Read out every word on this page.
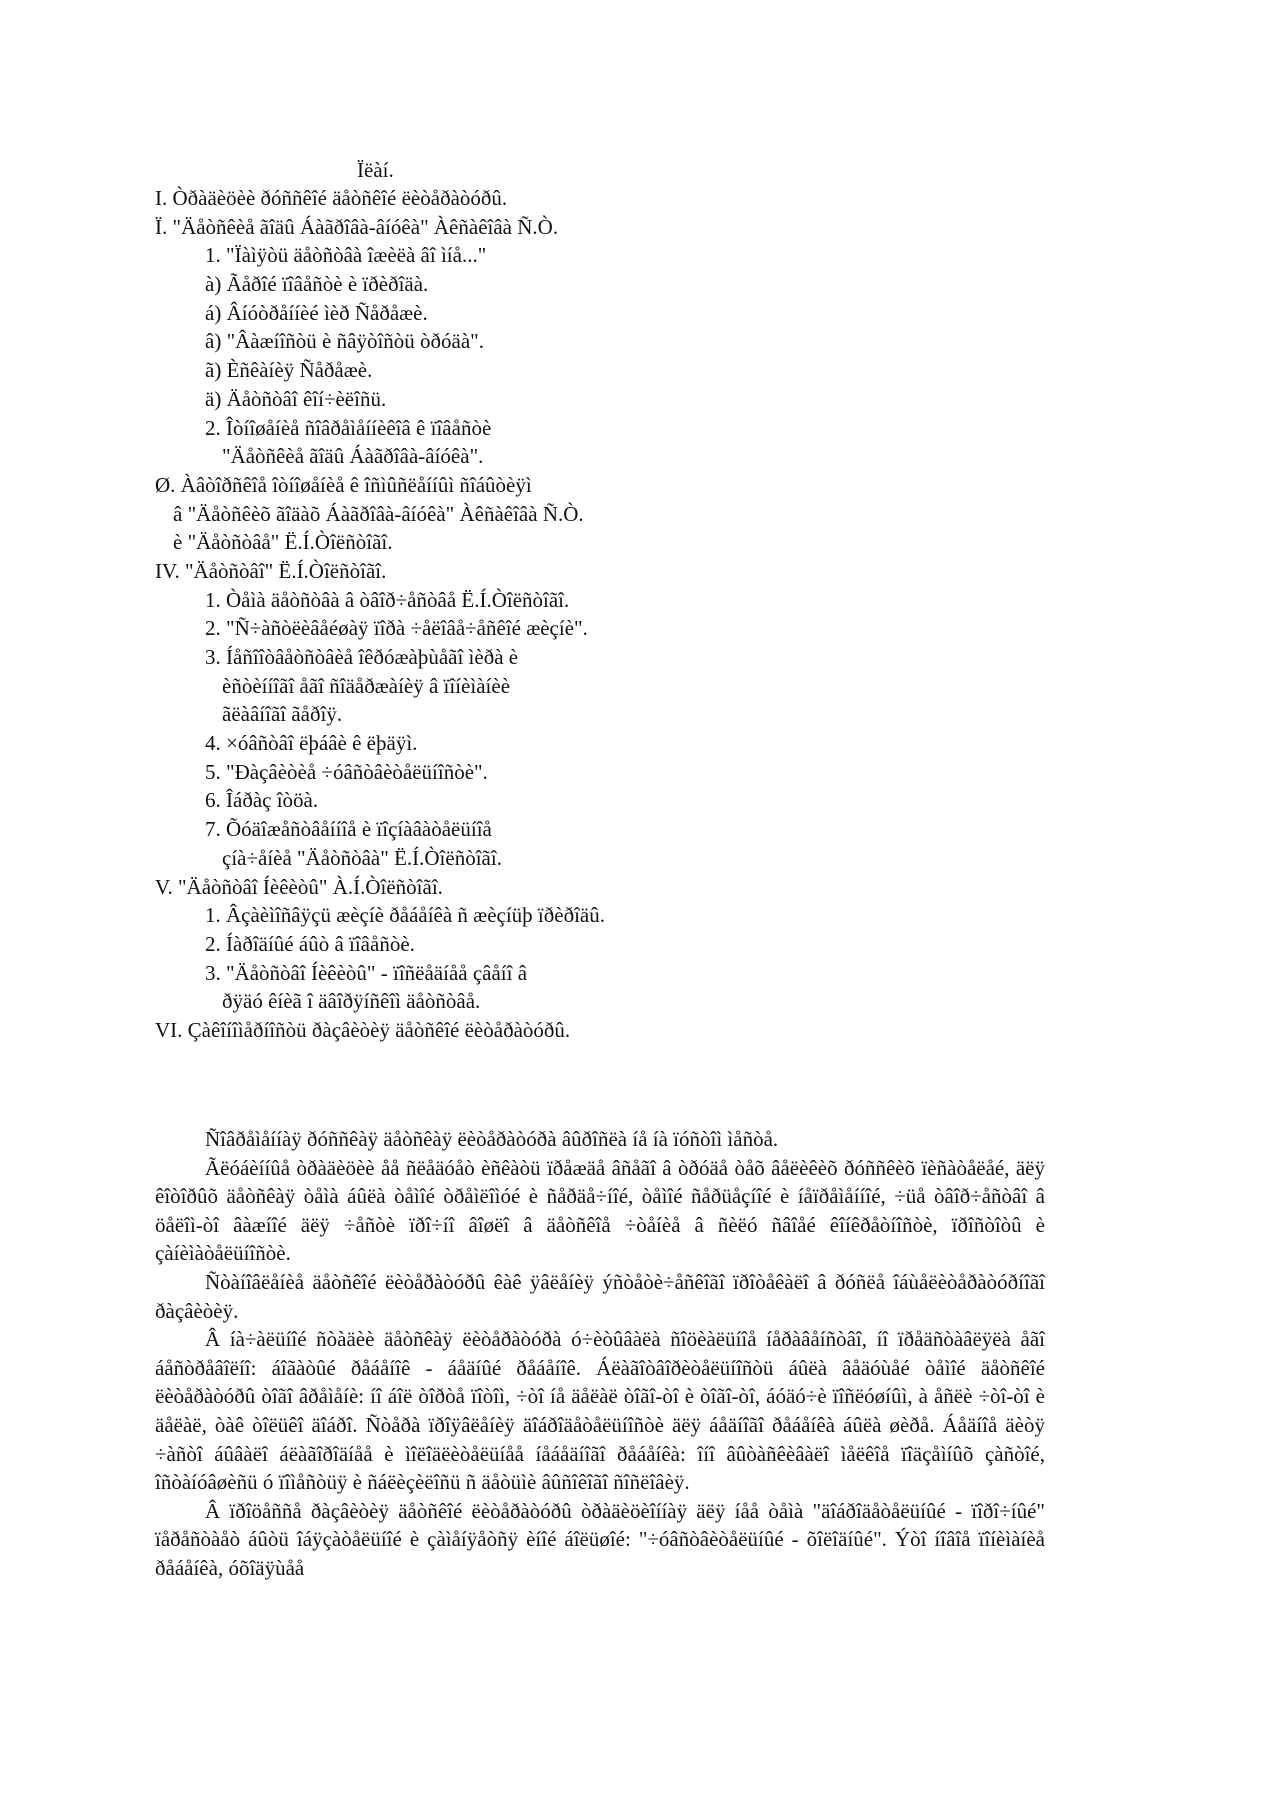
Ïëàí.
I. Òðàäèöèè ðóññêîé äåòñêîé ëèòåðàòóðû.
Ï. "Äåòñêèå ãîäû Áàãðîâà-âíóêà" Àêñàêîâà Ñ.Ò.
1. "Ïàìÿòü äåòñòâà îæèëà âî ìíå..."
à) Ãåðîé ïîâåñòè è ïðèðîäà.
á) Âíóòðåííèé ìèð Ñåðåæè.
â) "Âàæíîñòü è ñâÿòîñòü òðóäà".
ã) Èñêàíèÿ Ñåðåæè.
ä) Äåòñòâî êîí÷èëîñü.
2. Îòíîøåíèå ñîâðåìåííèêîâ ê ïîâåñòè
"Äåòñêèå ãîäû Áàãðîâà-âíóêà".
Ø. Àâòîðñêîå îòíîøåíèå ê îñìûñëåííûì ñîáûòèÿì
â "Äåòñêèõ ãîäàõ Áàãðîâà-âíóêà" Àêñàêîâà Ñ.Ò.
è "Äåòñòâå" Ë.Í.Òîëñòîãî.
IV. "Äåòñòâî" Ë.Í.Òîëñòîãî.
1. Òåìà äåòñòâà â òâîð÷åñòâå Ë.Í.Òîëñòîãî.
2. "Ñ÷àñòëèâåéøàÿ ïîðà ÷åëîâå÷åñêîé æèçíè".
3. Íåñîîòâåòñòâèå îêðóæàþùåãî ìèðà è
èñòèííîãî åãî ñîäåðæàíèÿ â ïîíèìàíèè
ãëàâíîãî ãåðîÿ.
4. ×óâñòâî ëþáâè ê ëþäÿì.
5. "Ðàçâèòèå ÷óâñòâèòåëüíîñòè".
6. Îáðàç îòöà.
7. Õóäîæåñòâåííîå è ïîçíàâàòåëüíîå
çíà÷åíèå "Äåòñòâà" Ë.Í.Òîëñòîãî.
V. "Äåòñòâî Íèêèòû" À.Í.Òîëñòîãî.
1. Âçàèìîñâÿçü æèçíè ðåáåíêà ñ æèçíüþ ïðèðîäû.
2. Íàðîäíûé áûò â ïîâåñòè.
3. "Äåòñòâî Íèêèòû" - ïîñëåäíåå çâåíî â
ðÿäó êíèã î äâîðÿíñêîì äåòñòâå.
VI. Çàêîíîìåðíîñòü ðàçâèòèÿ äåòñêîé ëèòåðàòóðû.

Ñîâðåìåííàÿ ðóññêàÿ äåòñêàÿ ëèòåðàòóðà âûðîñëà íå íà ïóñòîì ìåñòå.

Ãëóáèííûå òðàäèöèè åå ñëåäóåò èñêàòü ïðåæäå âñåãî â òðóäå òåõ âåëèêèõ ðóññêèõ ïèñàòåëåé, äëÿ êîòîðûõ äåòñêàÿ òåìà áûëà òåìîé òðåìëîìóé è ñåðäå÷íîé, òåìîé ñåðüåçíîé è íåïðåìåííîé, ÷üå òâîð÷åñòâî â öåëîì-òî âàæíîé äëÿ ÷åñòè ïðî÷íî âîøëî â äåòñêîå ÷òåíèå â ñèëó ñâîåé êîíêðåòíîñòè, ïðîñòîòû è çàíèìàòåëüíîñòè.

Ñòàíîâëåíèå äåòñêîé ëèòåðàòóðû êàê ÿâëåíèÿ ýñòåòè÷åñêîãî ïðîòåêàëî â ðóñëå îáùåëèòåðàòóðíîãî ðàçâèòèÿ.

Â íà÷àëüíîé ñòàäèè äåòñêàÿ ëèòåðàòóðà ó÷èòûâàëà ñîöèàëüíîå íåðàâåíñòâî, íî ïðåäñòàâëÿëà åãî áåñòðåâîëíî: áîãàòûé ðåáåíîê - áåäíûé ðåáåíîê. Áëàãîòâîðèòåëüíîñòü áûëà âåäóùåé òåìîé äåòñêîé ëèòåðàòóðû òîãî âðåìåíè: íî áîë òîðòå ïîòîì, ÷òî íå äåëàë òîãî-òî è òîãî-òî, áóäó÷è ïîñëóøíûì, à åñëè ÷òî-òî è äåëàë, òàê òîëüêî äîáðî. Ñòåðà ïðîÿâëåíèÿ äîáðîäåòåëüíîñòè äëÿ áåäíîãî ðåáåíêà áûëà øèðå. Áåäíîå äèòÿ ÷àñòî áûâàëî áëàãîðîäíåå è ìîëîäëèòåëüíåå íåáåäíîãî ðåáåíêà: îíî âûòàñêèâàëî ìåëêîå ïîäçåìíûõ çàñòîé, îñòàíóâøèñü ó ïîìåñòüÿ è ñáëèçèëîñü ñ äåòüìè âûñîêîãî ñîñëîâèÿ.

Â ïðîöåññå ðàçâèòèÿ äåòñêîé ëèòåðàòóðû òðàäèöèîííàÿ äëÿ íåå òåìà "äîáðîäåòåëüíûé - ïîðî÷íûé" ïåðåñòàåò áûòü îáÿçàòåëüíîé è çàìåíÿåòñÿ èíîé áîëüøîé: "÷óâñòâèòåëüíûé - õîëîäíûé". Ýòî íîâîå ïîíèìàíèå ðåáåíêà, óõîäÿùåå
